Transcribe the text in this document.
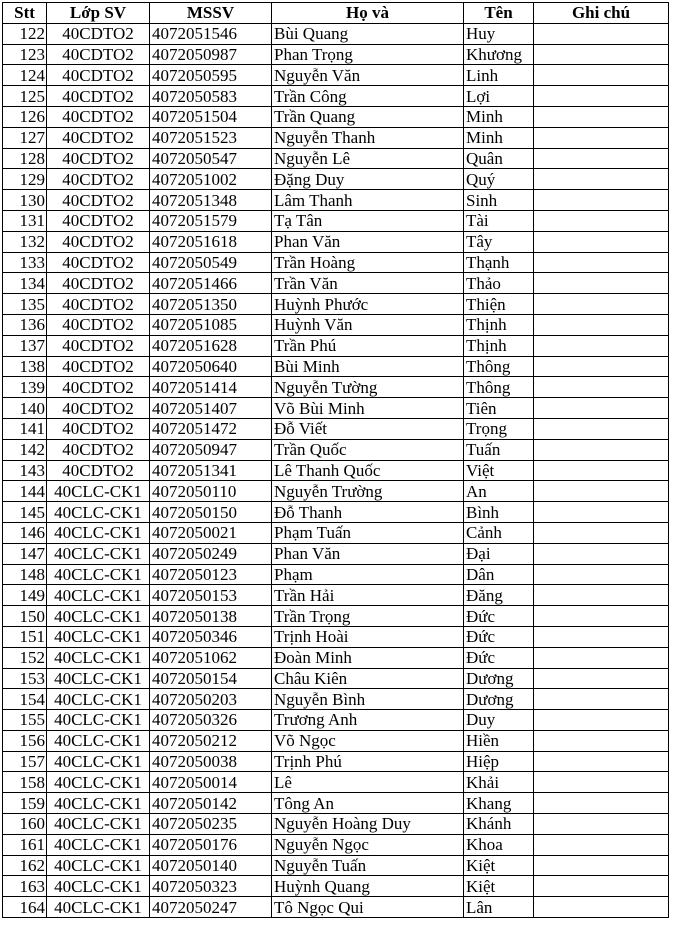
Stt	Lớp SV	MSSV	Họ và	Tên	Ghi chú
122	40CDTO2	4072051546	Bùi Quang	Huy	
123	40CDTO2	4072050987	Phan Trọng	Khương	
124	40CDTO2	4072050595	Nguyễn Văn	Linh	
125	40CDTO2	4072050583	Trần Công	Lợi	
126	40CDTO2	4072051504	Trần Quang	Minh	
127	40CDTO2	4072051523	Nguyễn Thanh	Minh	
128	40CDTO2	4072050547	Nguyễn Lê	Quân	
129	40CDTO2	4072051002	Đặng Duy	Quý	
130	40CDTO2	4072051348	Lâm Thanh	Sinh	
131	40CDTO2	4072051579	Tạ Tân	Tài	
132	40CDTO2	4072051618	Phan Văn	Tây	
133	40CDTO2	4072050549	Trần Hoàng	Thạnh	
134	40CDTO2	4072051466	Trần Văn	Thảo	
135	40CDTO2	4072051350	Huỳnh Phước	Thiện	
136	40CDTO2	4072051085	Huỳnh Văn	Thịnh	
137	40CDTO2	4072051628	Trần Phú	Thịnh	
138	40CDTO2	4072050640	Bùi Minh	Thông	
139	40CDTO2	4072051414	Nguyễn Tường	Thông	
140	40CDTO2	4072051407	Võ Bùi Minh	Tiên	
141	40CDTO2	4072051472	Đỗ Viết	Trọng	
142	40CDTO2	4072050947	Trần Quốc	Tuấn	
143	40CDTO2	4072051341	Lê Thanh Quốc	Việt	
144	40CLC-CK1	4072050110	Nguyễn Trường	An	
145	40CLC-CK1	4072050150	Đỗ Thanh	Bình	
146	40CLC-CK1	4072050021	Phạm Tuấn	Cảnh	
147	40CLC-CK1	4072050249	Phan Văn	Đại	
148	40CLC-CK1	4072050123	Phạm	Dân	
149	40CLC-CK1	4072050153	Trần Hải	Đăng	
150	40CLC-CK1	4072050138	Trần Trọng	Đức	
151	40CLC-CK1	4072050346	Trịnh Hoài	Đức	
152	40CLC-CK1	4072051062	Đoàn Minh	Đức	
153	40CLC-CK1	4072050154	Châu Kiên	Dương	
154	40CLC-CK1	4072050203	Nguyễn Bình	Dương	
155	40CLC-CK1	4072050326	Trương Anh	Duy	
156	40CLC-CK1	4072050212	Võ Ngọc	Hiền	
157	40CLC-CK1	4072050038	Trịnh Phú	Hiệp	
158	40CLC-CK1	4072050014	Lê	Khải	
159	40CLC-CK1	4072050142	Tông An	Khang	
160	40CLC-CK1	4072050235	Nguyễn Hoàng Duy	Khánh	
161	40CLC-CK1	4072050176	Nguyễn Ngọc	Khoa	
162	40CLC-CK1	4072050140	Nguyễn Tuấn	Kiệt	
163	40CLC-CK1	4072050323	Huỳnh Quang	Kiệt	
164	40CLC-CK1	4072050247	Tô Ngọc Qui	Lân	
